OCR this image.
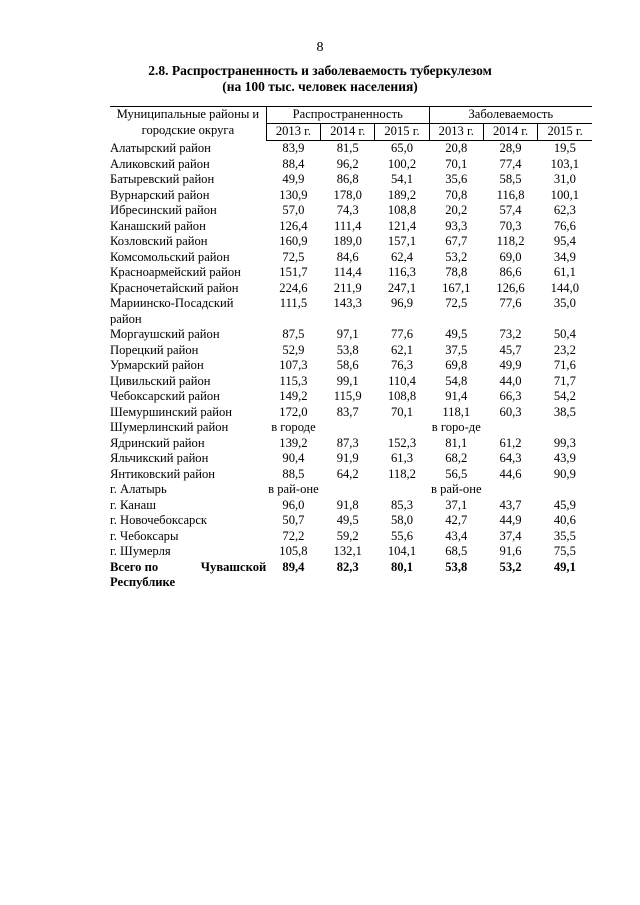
8
2.8. Распространенность и заболеваемость туберкулезом
(на 100 тыс. человек населения)
Муниципальные районы и городские округа	Распространенность			Заболеваемость		
	2013 г.	2014 г.	2015 г.	2013 г.	2014 г.	2015 г.
Алатырский район	83,9	81,5	65,0	20,8	28,9	19,5
Аликовский район	88,4	96,2	100,2	70,1	77,4	103,1
Батыревский район	49,9	86,8	54,1	35,6	58,5	31,0
Вурнарский район	130,9	178,0	189,2	70,8	116,8	100,1
Ибресинский район	57,0	74,3	108,8	20,2	57,4	62,3
Канашский район	126,4	111,4	121,4	93,3	70,3	76,6
Козловский район	160,9	189,0	157,1	67,7	118,2	95,4
Комсомольский район	72,5	84,6	62,4	53,2	69,0	34,9
Красноармейский район	151,7	114,4	116,3	78,8	86,6	61,1
Красночетайский район	224,6	211,9	247,1	167,1	126,6	144,0
Мариинско-Посадский район	111,5	143,3	96,9	72,5	77,6	35,0
Моргаушский район	87,5	97,1	77,6	49,5	73,2	50,4
Порецкий район	52,9	53,8	62,1	37,5	45,7	23,2
Урмарский район	107,3	58,6	76,3	69,8	49,9	71,6
Цивильский район	115,3	99,1	110,4	54,8	44,0	71,7
Чебоксарский район	149,2	115,9	108,8	91,4	66,3	54,2
Шемуршинский район	172,0	83,7	70,1	118,1	60,3	38,5
Шумерлинский район	в городе			в горо-де		
Ядринский район	139,2	87,3	152,3	81,1	61,2	99,3
Яльчикский район	90,4	91,9	61,3	68,2	64,3	43,9
Янтиковский район	88,5	64,2	118,2	56,5	44,6	90,9
г. Алатырь	в рай-оне			в рай-оне		
г. Канаш	96,0	91,8	85,3	37,1	43,7	45,9
г. Новочебоксарск	50,7	49,5	58,0	42,7	44,9	40,6
г. Чебоксары	72,2	59,2	55,6	43,4	37,4	35,5
г. Шумерля	105,8	132,1	104,1	68,5	91,6	75,5

Всего по Чувашской
Республике	89,4	82,3	80,1	53,8	53,2	49,1
